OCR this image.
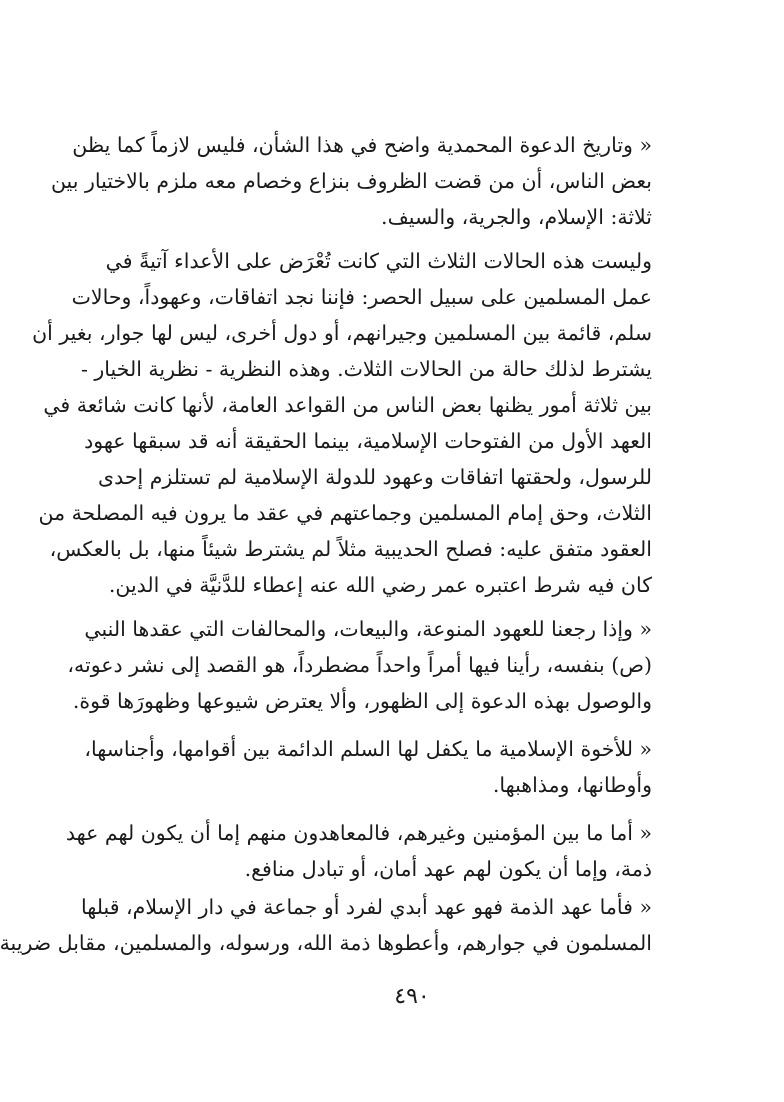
« وتاريخ الدعوة المحمدية واضح في هذا الشأن، فليس لازماً كما يظن
بعض الناس، أن من قضت الظروف بنزاع وخصام معه ملزم بالاختيار بين
ثلاثة: الإسلام، والجرية، والسيف.
وليست هذه الحالات الثلاث التي كانت تُعْرَض على الأعداء آتيةً في
عمل المسلمين على سبيل الحصر: فإننا نجد اتفاقات، وعهوداً، وحالات
سلم، قائمة بين المسلمين وجيرانهم، أو دول أخرى، ليس لها جوار، بغير أن
يشترط لذلك حالة من الحالات الثلاث. وهذه النظرية - نظرية الخيار -
بين ثلاثة أمور يظنها بعض الناس من القواعد العامة، لأنها كانت شائعة في
العهد الأول من الفتوحات الإسلامية، بينما الحقيقة أنه قد سبقها عهود
للرسول، ولحقتها اتفاقات وعهود للدولة الإسلامية لم تستلزم إحدى
الثلاث، وحق إمام المسلمين وجماعتهم في عقد ما يرون فيه المصلحة من
العقود متفق عليه: فصلح الحديبية مثلاً لم يشترط شيئاً منها، بل بالعكس،
كان فيه شرط اعتبره عمر رضي الله عنه إعطاء للدَّنيَّة في الدين.
« وإذا رجعنا للعهود المنوعة، والبيعات، والمحالفات التي عقدها النبي
(ص) بنفسه، رأينا فيها أمراً واحداً مضطرداً، هو القصد إلى نشر دعوته،
والوصول بهذه الدعوة إلى الظهور، وألا يعترض شيوعها وظهورَها قوة.
« للأخوة الإسلامية ما يكفل لها السلم الدائمة بين أقوامها، وأجناسها،
وأوطانها، ومذاهبها.
« أما ما بين المؤمنين وغيرهم، فالمعاهدون منهم إما أن يكون لهم عهد
ذمة، وإما أن يكون لهم عهد أمان، أو تبادل منافع.
« فأما عهد الذمة فهو عهد أبدي لفرد أو جماعة في دار الإسلام، قبلها
المسلمون في جوارهم، وأعطوها ذمة الله، ورسوله، والمسلمين، مقابل ضريبة
٤٩٠
